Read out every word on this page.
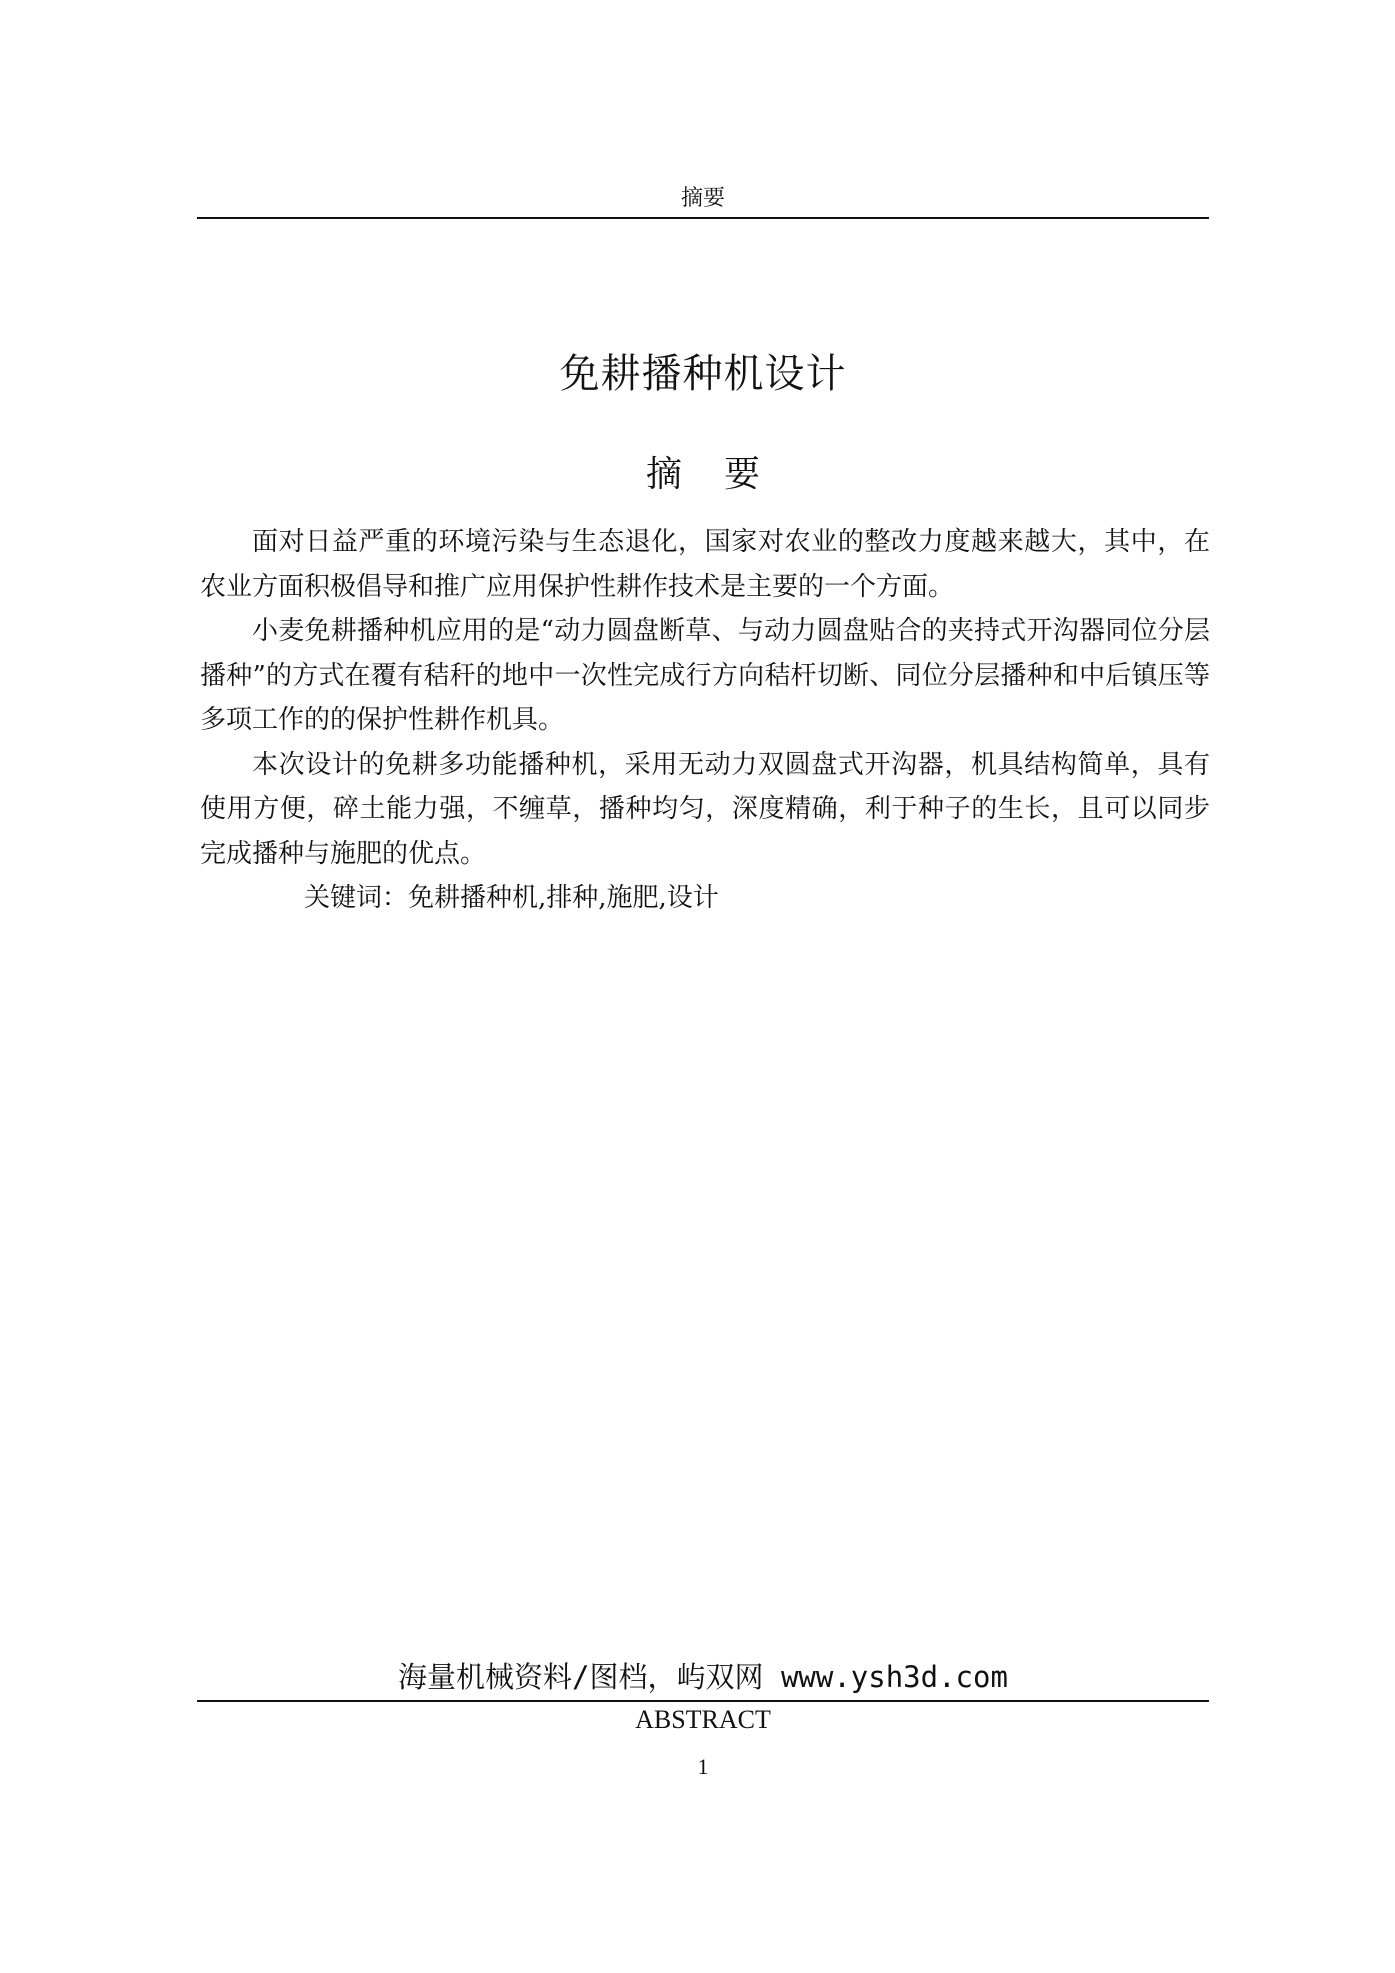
摘要
免耕播种机设计
摘要

面对日益严重的环境污染与生态退化，国家对农业的整改力度越来越大，其中，在农业方面积极倡导和推广应用保护性耕作技术是主要的一个方面。

小麦免耕播种机应用的是“动力圆盘断草、与动力圆盘贴合的夹持式开沟器同位分层播种”的方式在覆有秸秆的地中一次性完成行方向秸杆切断、同位分层播种和中后镇压等多项工作的的保护性耕作机具。

本次设计的免耕多功能播种机，采用无动力双圆盘式开沟器，机具结构简单，具有使用方便，碎土能力强，不缠草，播种均匀，深度精确，利于种子的生长，且可以同步完成播种与施肥的优点。

关键词：免耕播种机,排种,施肥,设计

海量机械资料/图档，屿双网 www.ysh3d.com
ABSTRACT
1
